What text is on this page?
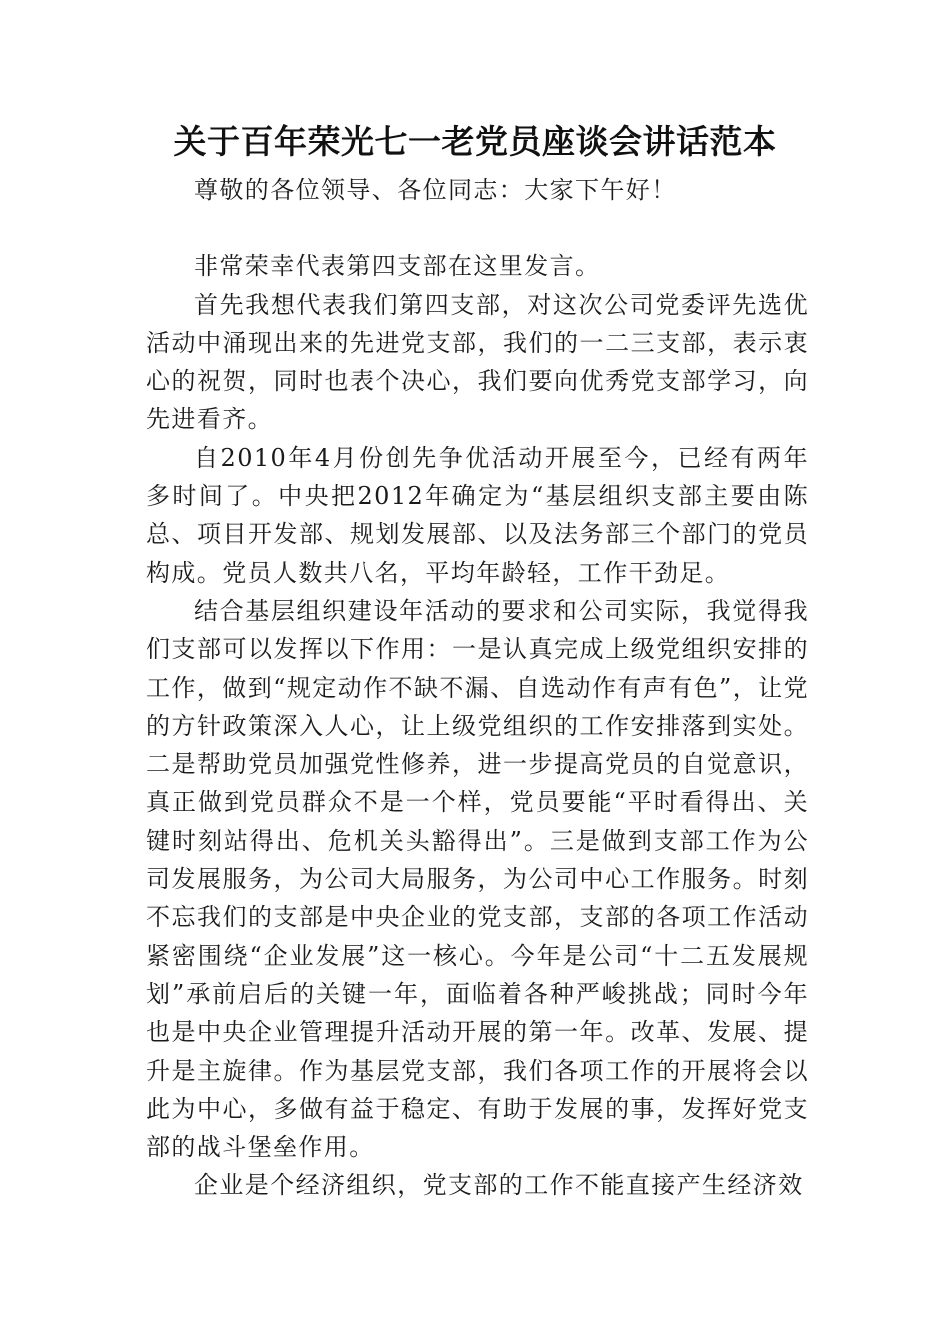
关于百年荣光七一老党员座谈会讲话范本

尊敬的各位领导、各位同志：大家下午好！

非常荣幸代表第四支部在这里发言。

首先我想代表我们第四支部，对这次公司党委评先选优活动中涌现出来的先进党支部，我们的一二三支部，表示衷心的祝贺，同时也表个决心，我们要向优秀党支部学习，向先进看齐。

自2010年4月份创先争优活动开展至今，已经有两年多时间了。中央把2012年确定为“基层组织支部主要由陈总、项目开发部、规划发展部、以及法务部三个部门的党员构成。党员人数共八名，平均年龄轻，工作干劲足。

结合基层组织建设年活动的要求和公司实际，我觉得我们支部可以发挥以下作用：一是认真完成上级党组织安排的工作，做到“规定动作不缺不漏、自选动作有声有色”，让党的方针政策深入人心，让上级党组织的工作安排落到实处。二是帮助党员加强党性修养，进一步提高党员的自觉意识，真正做到党员群众不是一个样，党员要能“平时看得出、关键时刻站得出、危机关头豁得出”。三是做到支部工作为公司发展服务，为公司大局服务，为公司中心工作服务。时刻不忘我们的支部是中央企业的党支部，支部的各项工作活动紧密围绕“企业发展”这一核心。今年是公司“十二五发展规划”承前启后的关键一年，面临着各种严峻挑战；同时今年也是中央企业管理提升活动开展的第一年。改革、发展、提升是主旋律。作为基层党支部，我们各项工作的开展将会以此为中心，多做有益于稳定、有助于发展的事，发挥好党支部的战斗堡垒作用。

企业是个经济组织，党支部的工作不能直接产生经济效
